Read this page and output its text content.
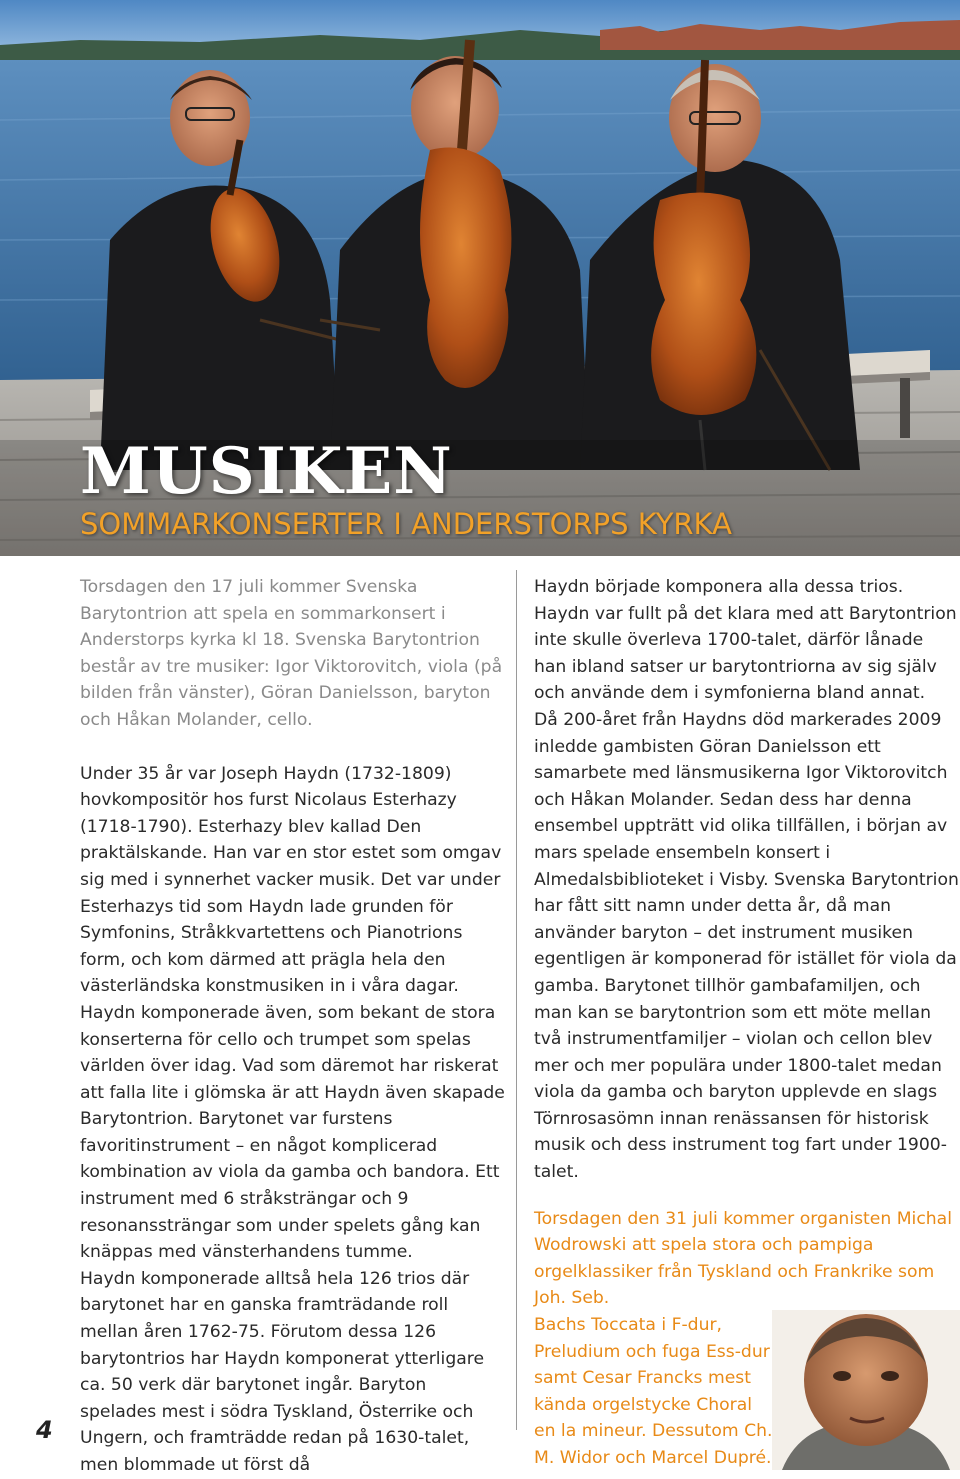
MUSIKEN
SOMMARKONSERTER I ANDERSTORPS KYRKA

Torsdagen den 17 juli kommer Svenska Barytontrion att spela en sommarkonsert i Anderstorps kyrka kl 18. Svenska Barytontrion består av tre musiker: Igor Viktorovitch, viola (på bilden från vänster), Göran Danielsson, baryton och Håkan Molander, cello.

Under 35 år var Joseph Haydn (1732-1809) hovkompositör hos furst Nicolaus Esterhazy (1718-1790). Esterhazy blev kallad Den praktälskande. Han var en stor estet som omgav sig med i synnerhet vacker musik. Det var under Esterhazys tid som Haydn lade grunden för Symfonins, Stråkkvartettens och Pianotrions form, och kom därmed att prägla hela den västerländska konstmusiken in i våra dagar. Haydn komponerade även, som bekant de stora konserterna för cello och trumpet som spelas världen över idag. Vad som däremot har riskerat att falla lite i glömska är att Haydn även skapade Barytontrion. Barytonet var furstens favoritinstrument – en något komplicerad kombination av viola da gamba och bandora. Ett instrument med 6 stråksträngar och 9 resonanssträngar som under spelets gång kan knäppas med vänsterhandens tumme.

Haydn komponerade alltså hela 126 trios där barytonet har en ganska framträdande roll mellan åren 1762-75. Förutom dessa 126 barytontrios har Haydn komponerat ytterligare ca. 50 verk där barytonet ingår. Baryton spelades mest i södra Tyskland, Österrike och Ungern, och framträdde redan på 1630-talet, men blommade ut först då

Haydn började komponera alla dessa trios. Haydn var fullt på det klara med att Barytontrion inte skulle överleva 1700-talet, därför lånade han ibland satser ur barytontriorna av sig själv och använde dem i symfonierna bland annat.

Då 200-året från Haydns död markerades 2009 inledde gambisten Göran Danielsson ett samarbete med länsmusikerna Igor Viktorovitch och Håkan Molander. Sedan dess har denna ensembel uppträtt vid olika tillfällen, i början av mars spelade ensembeln konsert i Almedalsbiblioteket i Visby. Svenska Barytontrion har fått sitt namn under detta år, då man använder baryton – det instrument musiken egentligen är komponerad för istället för viola da gamba. Barytonet tillhör gambafamiljen, och man kan se barytontrion som ett möte mellan två instrumentfamiljer – violan och cellon blev mer och mer populära under 1800-talet medan viola da gamba och baryton upplevde en slags Törnrosasömn innan renässansen för historisk musik och dess instrument tog fart under 1900-talet.

Torsdagen den 31 juli kommer organisten Michal Wodrowski att spela stora och pampiga orgelklassiker från Tyskland och Frankrike som Joh. Seb.

Bachs Toccata i F-dur,

Preludium och fuga Ess-dur

samt Cesar Francks mest

kända orgelstycke Choral

en la mineur. Dessutom Ch.

M. Widor och Marcel Dupré.

4
